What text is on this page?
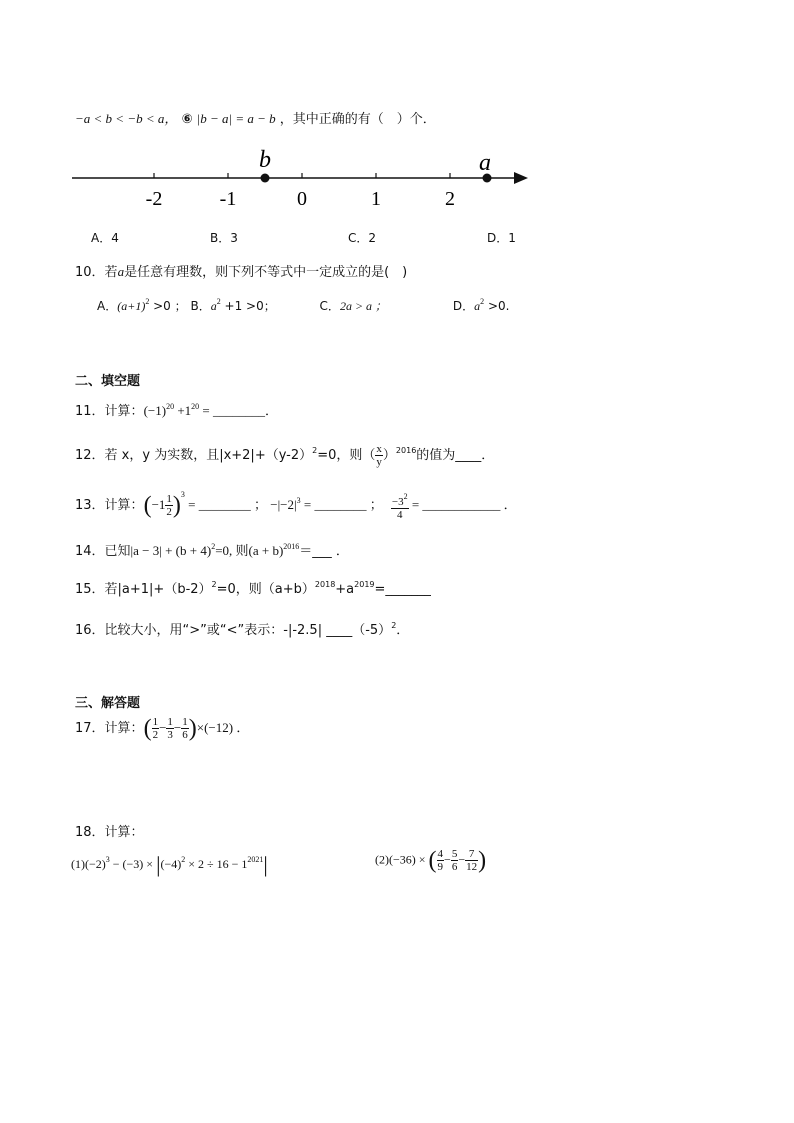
−a < b < −b < a， ⑥ |b − a| = a − b ，其中正确的有（　）个．
-2	-1	0	1	2
b	a
A．4	B．3	C．2	D．1
10．若a是任意有理数，则下列不等式中一定成立的是(　)
A．$(a+1)^2 >0$ ； B．$a^2 +1 >0$；	C．2a > a ；	D．$a^2 >0$.
二、填空题
11．计算：$(-1)^{20} +1^{20}$ = ________．
12．若 x，y 为实数，且$|x+2|+(y-2)^2=0$，则（ $\frac{x}{y} )^{2016}$的值为____．
13．计算：$(-1 \frac{1}{2} )^3$ = ________ ； $-|-2|^3$ = ________ ； $\frac{-3^2}{4}$ = ____________ ．
14．已知$|a - 3| + (b + 4)^2=0$, 则$(a + b)^{2016}=\_\_\_$ ．
15．若$|a+1|+(b-2)^2=0$，则$(a+b)^{2018}+a^{2019}=\_\_\_\_\_\_\_$
16．比较大小，用“>”或“<”表示：-|-2.5| $\_\_\_\_(-5)^2$．
三、解答题
17．计算：( $\frac{1}{2} - \frac{1}{3} - \frac{1}{6} )\times(-12)$ ．
18．计算：
$(1)(-2)^3 - (-3) \times |(-4)^2 \times 2 \div 16 - 1^{2021}|$	(2)(−36) × ( $\frac{4}{9} - \frac{5}{6} - \frac{7}{12}$ )
